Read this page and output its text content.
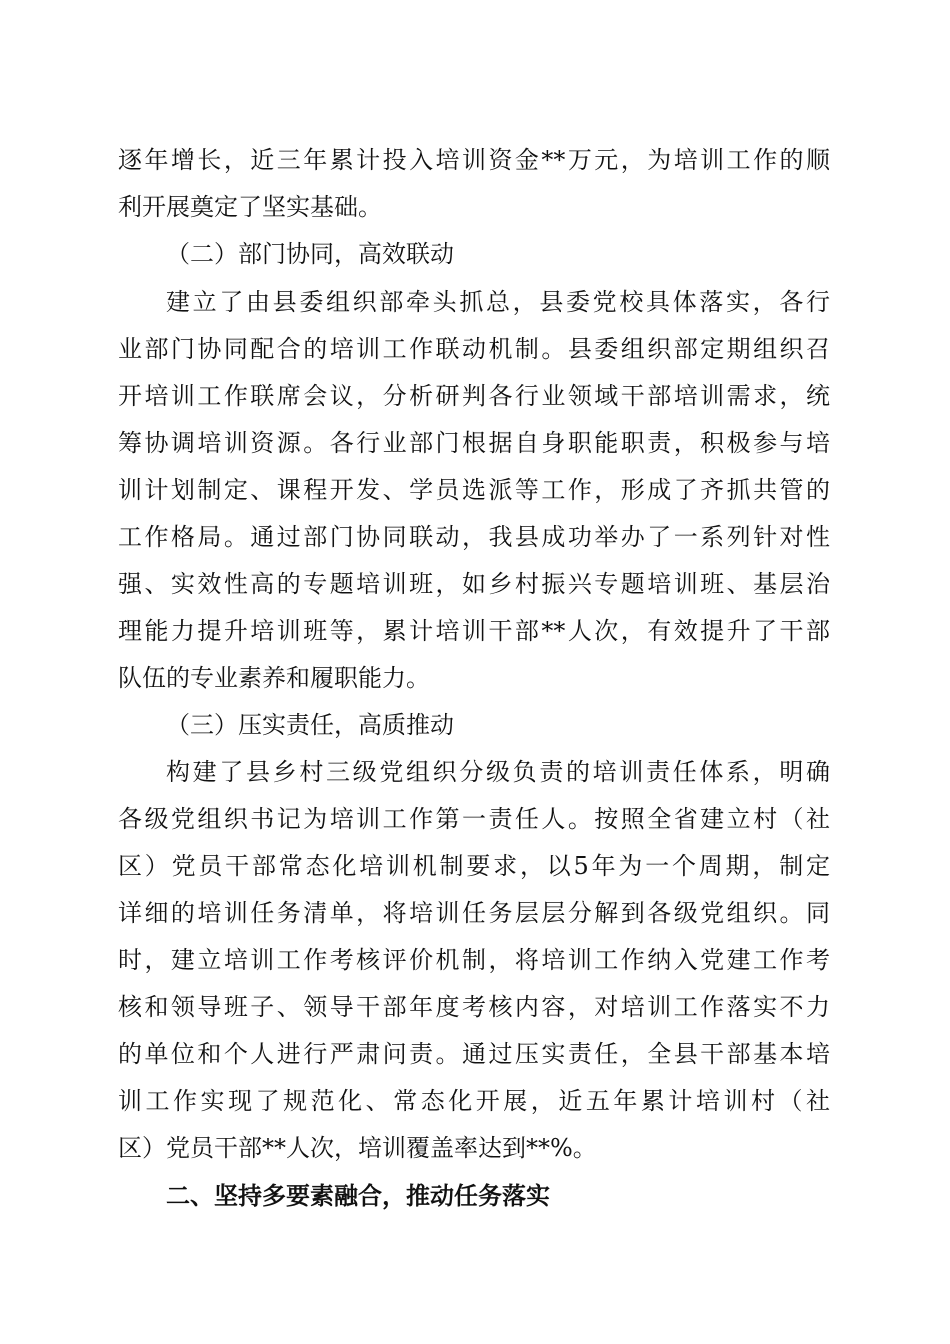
逐年增长，近三年累计投入培训资金**万元，为培训工作的顺
利开展奠定了坚实基础。
（二）部门协同，高效联动
建立了由县委组织部牵头抓总，县委党校具体落实，各行
业部门协同配合的培训工作联动机制。县委组织部定期组织召
开培训工作联席会议，分析研判各行业领域干部培训需求，统
筹协调培训资源。各行业部门根据自身职能职责，积极参与培
训计划制定、课程开发、学员选派等工作，形成了齐抓共管的
工作格局。通过部门协同联动，我县成功举办了一系列针对性
强、实效性高的专题培训班，如乡村振兴专题培训班、基层治
理能力提升培训班等，累计培训干部**人次，有效提升了干部
队伍的专业素养和履职能力。
（三）压实责任，高质推动
构建了县乡村三级党组织分级负责的培训责任体系，明确
各级党组织书记为培训工作第一责任人。按照全省建立村（社
区）党员干部常态化培训机制要求，以5年为一个周期，制定
详细的培训任务清单，将培训任务层层分解到各级党组织。同
时，建立培训工作考核评价机制，将培训工作纳入党建工作考
核和领导班子、领导干部年度考核内容，对培训工作落实不力
的单位和个人进行严肃问责。通过压实责任，全县干部基本培
训工作实现了规范化、常态化开展，近五年累计培训村（社
区）党员干部**人次，培训覆盖率达到**%。
二、坚持多要素融合，推动任务落实
